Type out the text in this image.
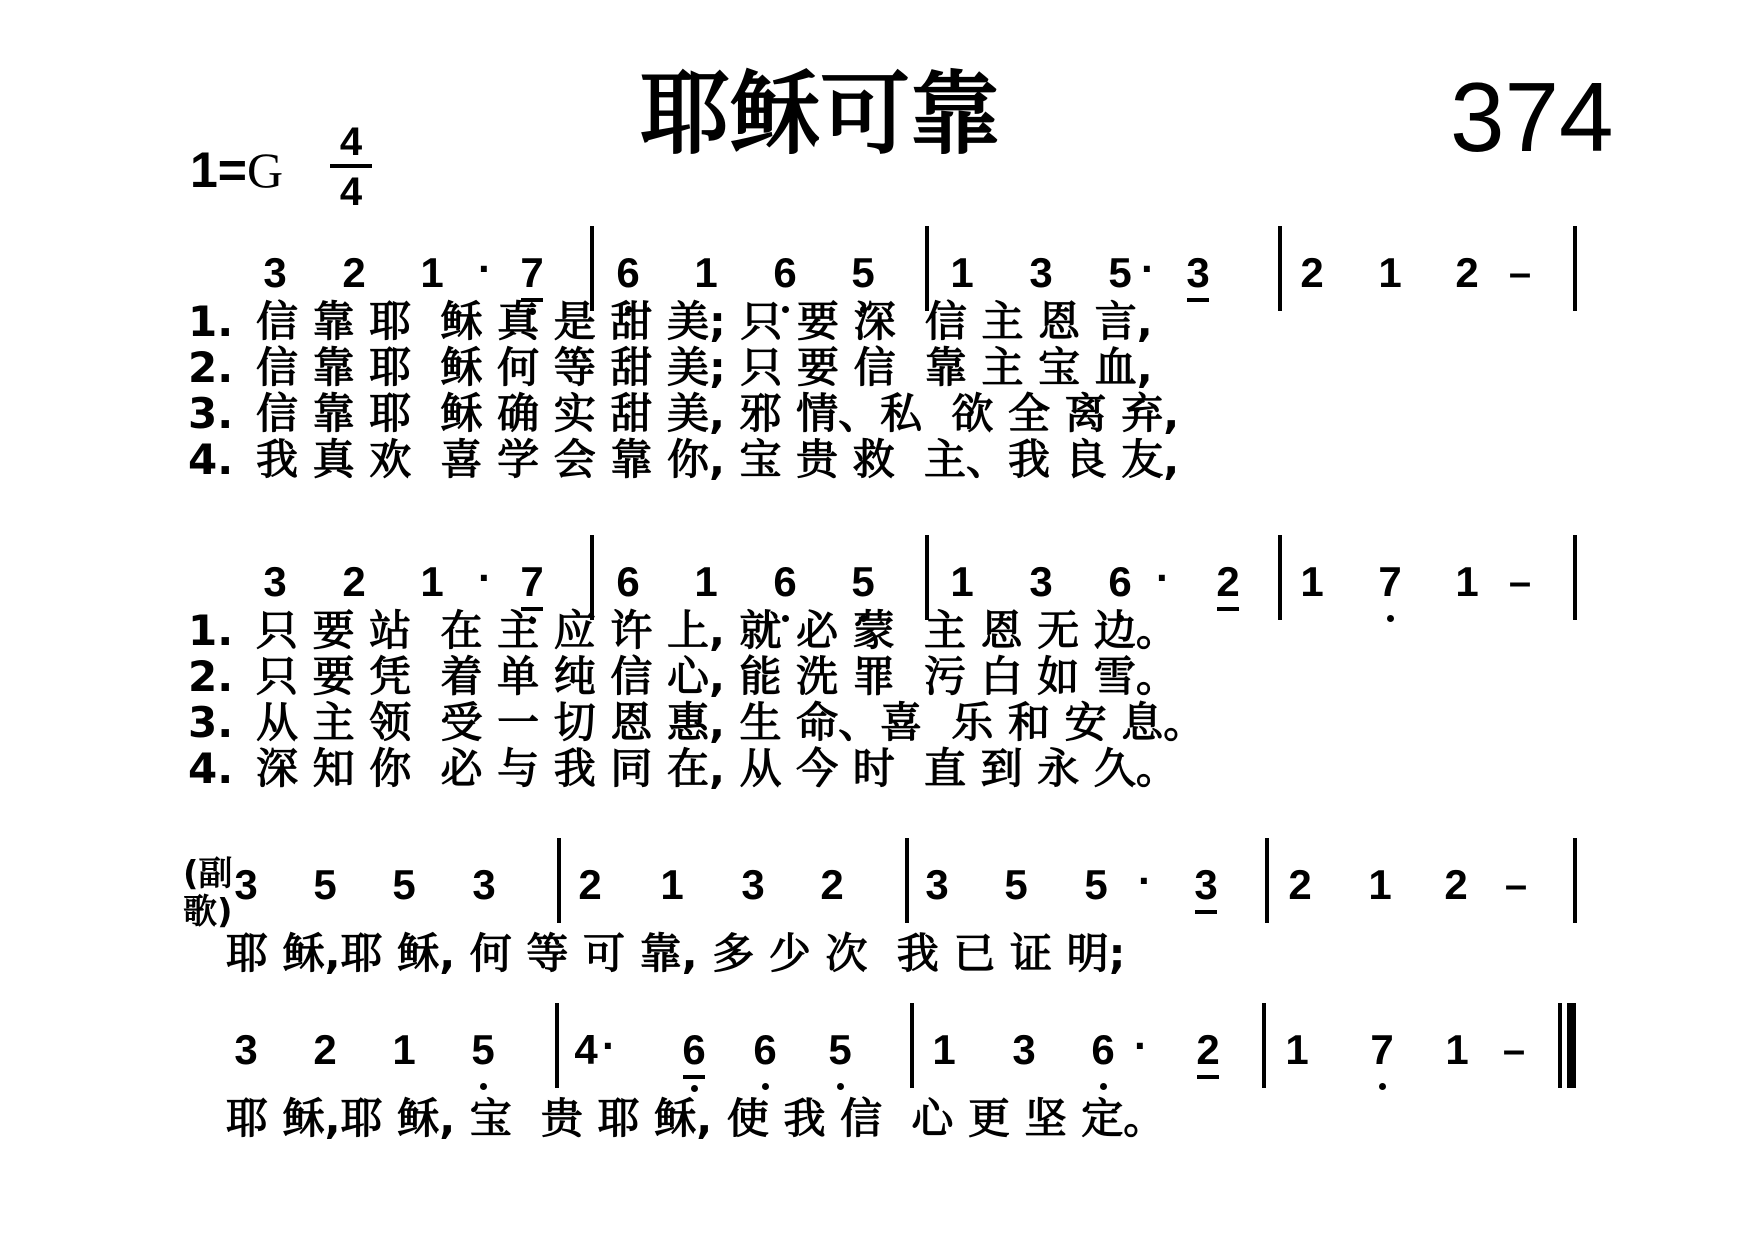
耶稣可靠	374
1=G 4
4
3 2 1 · 7 6 1 6 5 1 3 5 · 3 2 1 2 –
1. 信 靠 耶  稣 真 是 甜 美; 只 要 深  信 主 恩 言,
2. 信 靠 耶  稣 何 等 甜 美; 只 要 信  靠 主 宝 血,
3. 信 靠 耶  稣 确 实 甜 美, 邪 情、私  欲 全 离 弃,
4. 我 真 欢  喜 学 会 靠 你, 宝 贵 救  主、我 良 友,
3 2 1 · 7 6 1 6 5 1 3 6 · 2 1 7 1 –
1. 只 要 站  在 主 应 许 上, 就 必 蒙  主 恩 无 边。
2. 只 要 凭  着 单 纯 信 心, 能 洗 罪  污 白 如 雪。
3. 从 主 领  受 一 切 恩 惠, 生 命、喜  乐 和 安 息。
4. 深 知 你  必 与 我 同 在, 从 今 时  直 到 永 久。
(副歌)
3 5 5 3 2 1 3 2 3 5 5 · 3 2 1 2 –
耶 稣,耶 稣, 何 等 可 靠, 多 少 次  我 已 证 明;
3 2 1 5 4 · 6 6 5 1 3 6 · 2 1 7 1 –
耶 稣,耶 稣, 宝  贵 耶 稣, 使 我 信  心 更 坚 定。
